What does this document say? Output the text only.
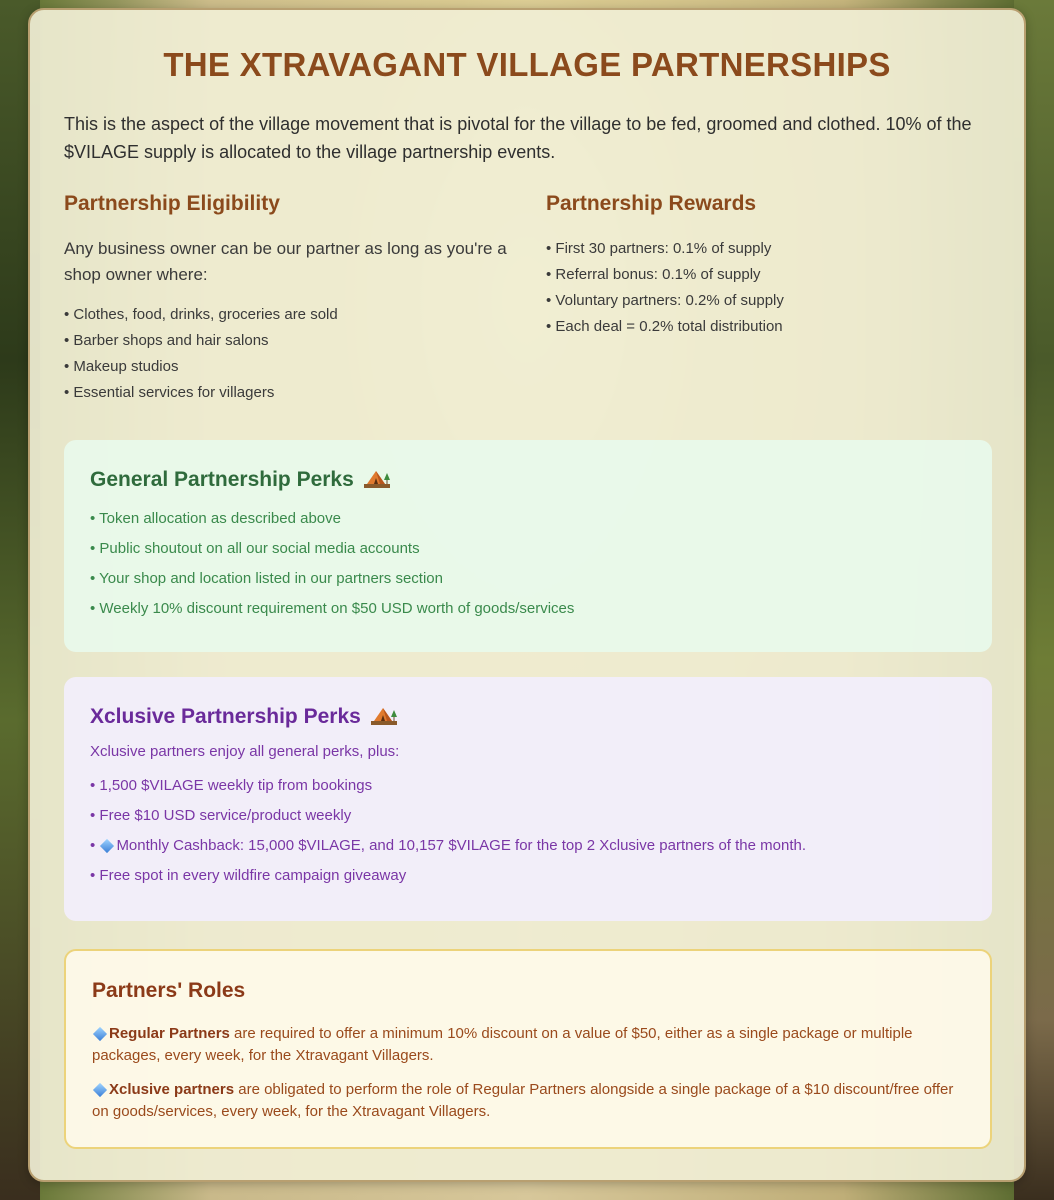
THE XTRAVAGANT VILLAGE PARTNERSHIPS

This is the aspect of the village movement that is pivotal for the village to be fed, groomed and clothed. 10% of the $VILAGE supply is allocated to the village partnership events.

Partnership Eligibility

Any business owner can be our partner as long as you're a shop owner where:

• Clothes, food, drinks, groceries are sold
• Barber shops and hair salons
• Makeup studios
• Essential services for villagers
Partnership Rewards
• First 30 partners: 0.1% of supply
• Referral bonus: 0.1% of supply
• Voluntary partners: 0.2% of supply
• Each deal = 0.2% total distribution
General Partnership Perks
• Token allocation as described above
• Public shoutout on all our social media accounts
• Your shop and location listed in our partners section
• Weekly 10% discount requirement on $50 USD worth of goods/services
Xclusive Partnership Perks

Xclusive partners enjoy all general perks, plus:

• 1,500 $VILAGE weekly tip from bookings
• Free $10 USD service/product weekly
• Monthly Cashback: 15,000 $VILAGE, and 10,157 $VILAGE for the top 2 Xclusive partners of the month.
• Free spot in every wildfire campaign giveaway
Partners' Roles

Regular Partners are required to offer a minimum 10% discount on a value of $50, either as a single package or multiple packages, every week, for the Xtravagant Villagers.

Xclusive partners are obligated to perform the role of Regular Partners alongside a single package of a $10 discount/free offer on goods/services, every week, for the Xtravagant Villagers.
